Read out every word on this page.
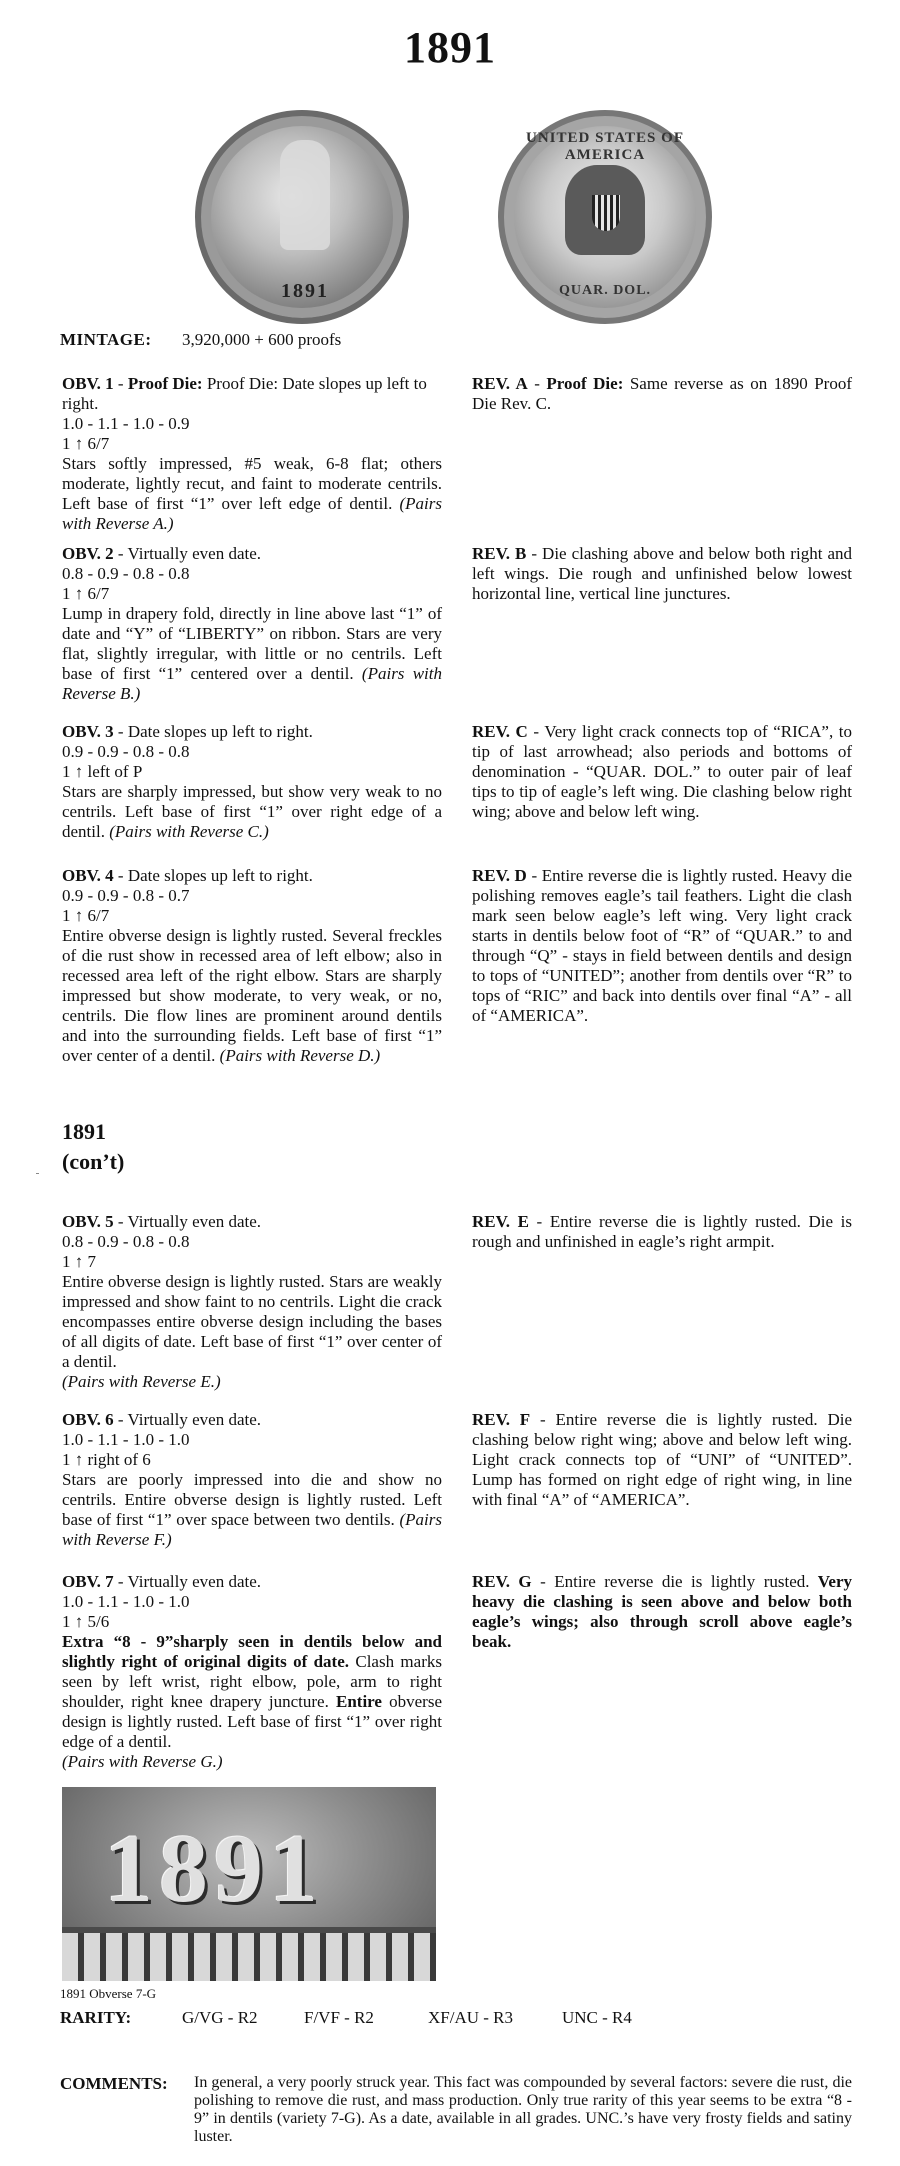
1891
1891
UNITED STATES OF AMERICA
QUAR. DOL.
MINTAGE: 3,920,000 + 600 proofs
OBV. 1 - Proof Die: Proof Die: Date slopes up left to right.
1.0 - 1.1 - 1.0 - 0.9
1 ↑ 6/7
Stars softly impressed, #5 weak, 6-8 flat; others moderate, lightly recut, and faint to moderate centrils. Left base of first “1” over left edge of dentil. (Pairs with Reverse A.)
OBV. 2 - Virtually even date.
0.8 - 0.9 - 0.8 - 0.8
1 ↑ 6/7
Lump in drapery fold, directly in line above last “1” of date and “Y” of “LIBERTY” on ribbon. Stars are very flat, slightly irregular, with little or no centrils. Left base of first “1” centered over a dentil. (Pairs with Reverse B.)
OBV. 3 - Date slopes up left to right.
0.9 - 0.9 - 0.8 - 0.8
1 ↑ left of P
Stars are sharply impressed, but show very weak to no centrils. Left base of first “1” over right edge of a dentil. (Pairs with Reverse C.)
OBV. 4 - Date slopes up left to right.
0.9 - 0.9 - 0.8 - 0.7
1 ↑ 6/7
Entire obverse design is lightly rusted. Several freckles of die rust show in recessed area of left elbow; also in recessed area left of the right elbow. Stars are sharply impressed but show moderate, to very weak, or no, centrils. Die flow lines are prominent around dentils and into the surrounding fields. Left base of first “1” over center of a dentil. (Pairs with Reverse D.)
REV. A - Proof Die: Same reverse as on 1890 Proof Die Rev. C.
REV. B - Die clashing above and below both right and left wings. Die rough and unfinished below lowest horizontal line, vertical line junctures.
REV. C - Very light crack connects top of “RICA”, to tip of last arrowhead; also periods and bottoms of denomination - “QUAR. DOL.” to outer pair of leaf tips to tip of eagle’s left wing. Die clashing below right wing; above and below left wing.
REV. D - Entire reverse die is lightly rusted. Heavy die polishing removes eagle’s tail feathers. Light die clash mark seen below eagle’s left wing. Very light crack starts in dentils below foot of “R” of “QUAR.” to and through “Q” - stays in field between dentils and design to tops of “UNITED”; another from dentils over “R” to tops of “RIC” and back into dentils over final “A” - all of “AMERICA”.
1891
(con’t)
OBV. 5 - Virtually even date.
0.8 - 0.9 - 0.8 - 0.8
1 ↑ 7
Entire obverse design is lightly rusted. Stars are weakly impressed and show faint to no centrils. Light die crack encompasses entire obverse design including the bases of all digits of date. Left base of first “1” over center of a dentil.
(Pairs with Reverse E.)
OBV. 6 - Virtually even date.
1.0 - 1.1 - 1.0 - 1.0
1 ↑ right of 6
Stars are poorly impressed into die and show no centrils. Entire obverse design is lightly rusted. Left base of first “1” over space between two dentils. (Pairs with Reverse F.)
OBV. 7 - Virtually even date.
1.0 - 1.1 - 1.0 - 1.0
1 ↑ 5/6
Extra “8 - 9”sharply seen in dentils below and slightly right of original digits of date. Clash marks seen by left wrist, right elbow, pole, arm to right shoulder, right knee drapery juncture. Entire obverse design is lightly rusted. Left base of first “1” over right edge of a dentil.
(Pairs with Reverse G.)
REV. E - Entire reverse die is lightly rusted. Die is rough and unfinished in eagle’s right armpit.
REV. F - Entire reverse die is lightly rusted. Die clashing below right wing; above and below left wing. Light crack connects top of “UNI” of “UNITED”. Lump has formed on right edge of right wing, in line with final “A” of “AMERICA”.
REV. G - Entire reverse die is lightly rusted. Very heavy die clashing is seen above and below both eagle’s wings; also through scroll above eagle’s beak.
1891
1891 Obverse 7-G
RARITY:	G/VG - R2	F/VF - R2	XF/AU - R3	UNC - R4
COMMENTS: In general, a very poorly struck year. This fact was compounded by several factors: severe die rust, die polishing to remove die rust, and mass production. Only true rarity of this year seems to be extra “8 - 9” in dentils (variety 7-G). As a date, available in all grades. UNC.’s have very frosty fields and satiny luster.
